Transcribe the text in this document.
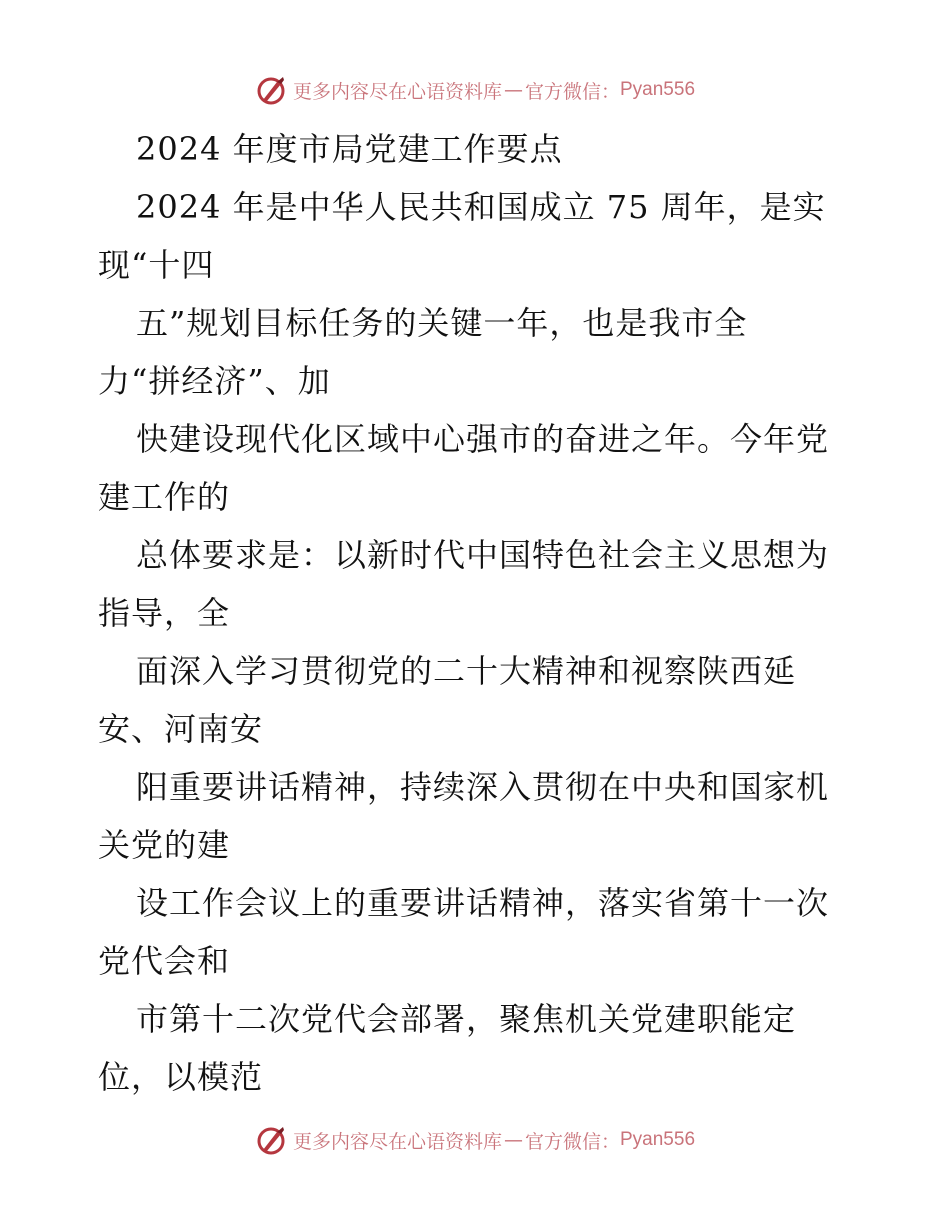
更多内容尽在心语资料库 — 官方微信： Pyan556
2024 年度市局党建工作要点
2024 年是中华人民共和国成立 75 周年，是实
现“十四
五”规划目标任务的关键一年，也是我市全
力“拼经济”、加
快建设现代化区域中心强市的奋进之年。今年党
建工作的
总体要求是：以新时代中国特色社会主义思想为
指导，全
面深入学习贯彻党的二十大精神和视察陕西延
安、河南安
阳重要讲话精神，持续深入贯彻在中央和国家机
关党的建
设工作会议上的重要讲话精神，落实省第十一次
党代会和
市第十二次党代会部署，聚焦机关党建职能定
位，以模范
更多内容尽在心语资料库 — 官方微信： Pyan556
